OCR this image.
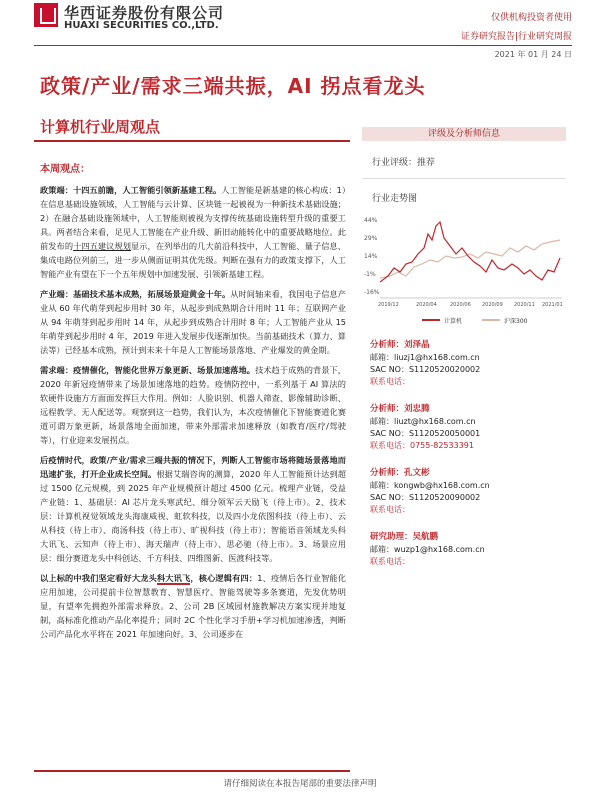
华西证券股份有限公司
HUAXI SECURITIES CO.,LTD.
仅供机构投资者使用
证券研究报告|行业研究周报
2021 年 01 月 24 日
政策/产业/需求三端共振，AI 拐点看龙头
计算机行业周观点
本周观点：

政策端：十四五前瞻，人工智能引领新基建工程。人工智能是新基建的核心构成：1）在信息基础设施领域，人工智能与云计算、区块链一起被视为一种新技术基础设施；2）在融合基础设施领域中，人工智能则被视为支撑传统基础设施转型升级的重要工具。两者结合来看，足见人工智能在产业升级、新旧动能转化中的重要战略地位。此前发布的十四五建议规划显示，在列举出的几大前沿科技中，人工智能、量子信息、集成电路位列前三，进一步从侧面证明其优先级。判断在强有力的政策支撑下，人工智能产业有望在下一个五年规划中加速发展、引领新基建工程。

产业端：基础技术基本成熟，拓展场景迎黄金十年。从时间轴来看，我国电子信息产业从 60 年代萌芽到起步用时 30 年，从起步到成熟期合计用时 11 年；互联网产业从 94 年萌芽到起步用时 14 年，从起步到成熟合计用时 8 年；人工智能产业从 15 年萌芽到起步用时 4 年，2019 年进入发展步伐逐渐加快。当前基础技术（算力、算法等）已经基本成熟，预计到未来十年是人工智能场景落地、产业爆发的黄金期。

需求端：疫情催化，智能化世界万象更新、场景加速落地。技术趋于成熟的背景下，2020 年新冠疫情带来了场景加速落地的趋势。疫情防控中，一系列基于 AI 算法的软硬件设施方方面面发挥巨大作用。例如：人脸识别、机器人筛查、影像辅助诊断、远程教学、无人配送等。观察到这一趋势，我们认为，本次疫情催化下智能赛道化赛道可谓万象更新，场景落地全面加速，带来外部需求加速释放（如教育/医疗/驾驶等），行业迎来发展拐点。

后疫情时代，政策/产业/需求三端共振的情况下，判断人工智能市场将随场景落地而迅速扩张，打开企业成长空间。根据艾瑞咨询的测算，2020 年人工智能预计达到超过 1500 亿元规模，到 2025 年产业规模预计超过 4500 亿元。梳理产业链，受益产业链：1、基础层：AI 芯片龙头寒武纪、细分领军云天励飞（待上市）。2、技术层：计算机视觉领域龙头海康威视、虹软科技，以及四小龙依图科技（待上市）、云从科技（待上市）、商汤科技（待上市）、旷视科技（待上市）；智能语音领域龙头科大讯飞、云知声（待上市）、海天瑞声（待上市）、思必驰（待上市）。3、场景应用层：细分赛道龙头中科创达、千方科技、四维图新、医渡科技等。

以上标的中我们坚定看好大龙头科大讯飞，核心逻辑有四：1、疫情后各行业智能化应用加速，公司提前卡位智慧教育、智慧医疗、智能驾驶等多条赛道，先发优势明显，有望率先拥抱外部需求释放。2、公司 2B 区域园材施教解决方案实现并地复制，高标准化推动产品化率提升；同时 2C 个性化学习手册+学习机加速渗透，判断公司产品化水平将在 2021 年加速向好。3、公司逐步在

评级及分析师信息
行业评级：推荐
行业走势图
44%
29%
14%
-1%
-16%
2019/12	2020/04	2020/06 2020/09 2020/11 2021/01
计算机	沪深300
分析师：刘泽晶
邮箱：liuzj1@hx168.com.cn
SAC NO：S1120520020002
联系电话：
分析师：刘忠腾
邮箱：liuzt@hx168.com.cn
SAC NO：S1120520050001
联系电话：0755-82533391
分析师：孔文彬
邮箱：kongwb@hx168.com.cn
SAC NO：S1120520090002
联系电话：
研究助理：吴航鹏
邮箱：wuzp1@hx168.com.cn
联系电话：
请仔细阅读在本报告尾部的重要法律声明
